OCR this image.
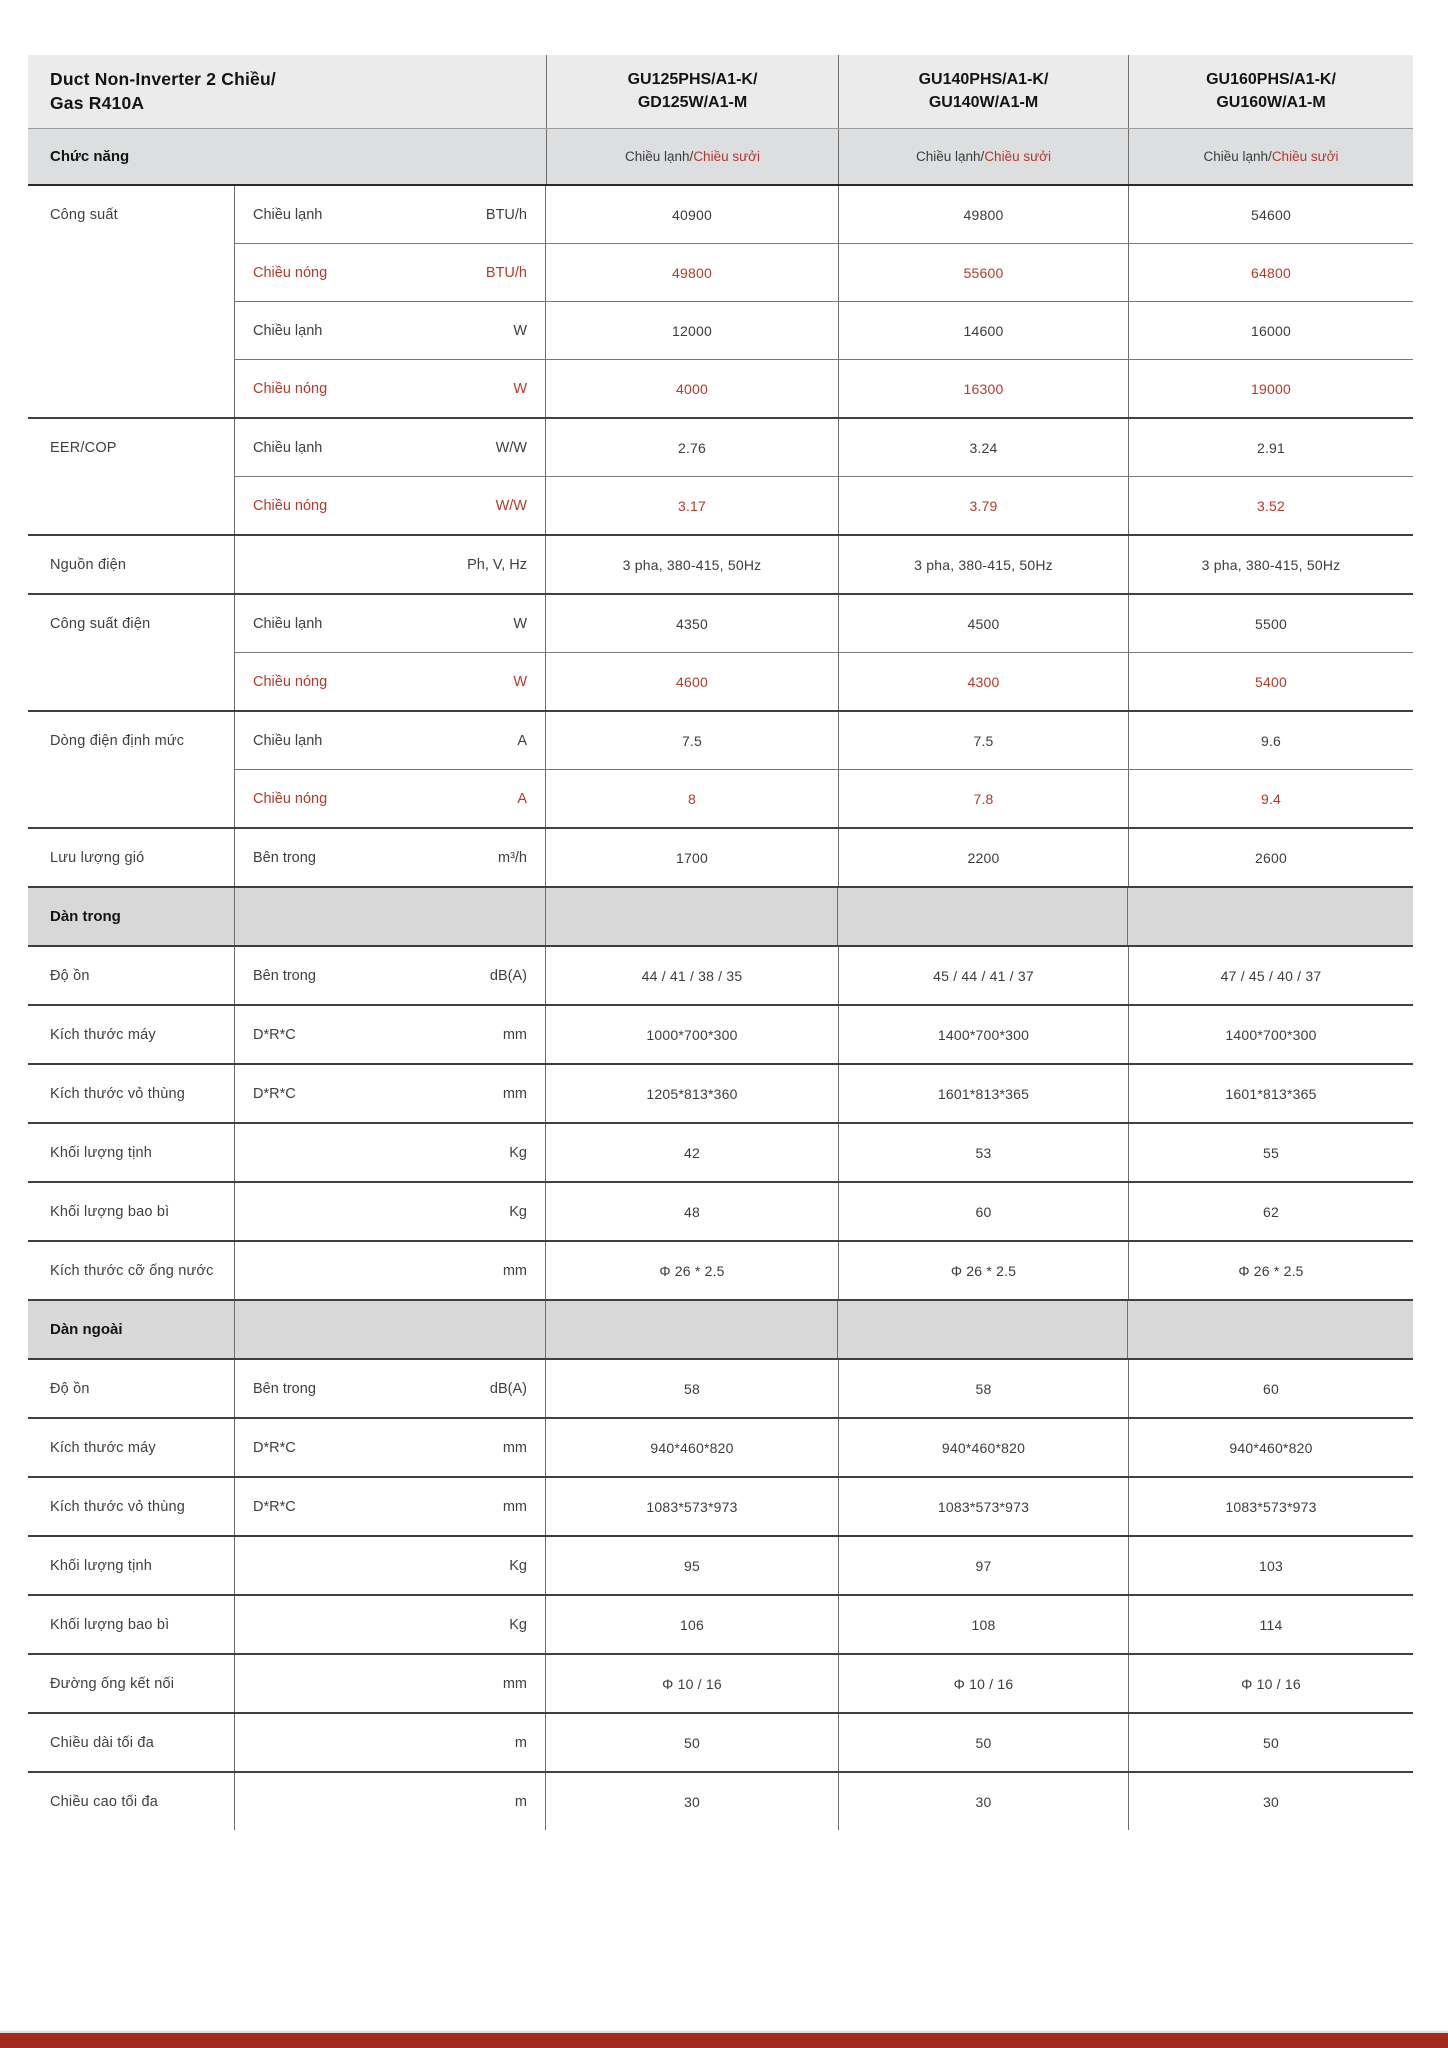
Duct Non-Inverter 2 Chiều/
Gas R410A
GU125PHS/A1-K/
GD125W/A1-M
GU140PHS/A1-K/
GU140W/A1-M
GU160PHS/A1-K/
GU160W/A1-M
Chức năng	Chiều lạnh / Chiều sưởi	Chiều lạnh / Chiều sưởi	Chiều lạnh / Chiều sưởi
Công suất	Chiều lạnh	BTU/h	40900	49800	54600
Chiều nóng	BTU/h	49800	55600	64800
Chiều lạnh	W	12000	14600	16000
Chiều nóng	W	4000	16300	19000
EER/COP	Chiều lạnh	W/W	2.76	3.24	2.91
Chiều nóng	W/W	3.17	3.79	3.52
Nguồn điện	Ph, V, Hz	3 pha, 380-415, 50Hz	3 pha, 380-415, 50Hz	3 pha, 380-415, 50Hz
Công suất điện	Chiều lạnh	W	4350	4500	5500
Chiều nóng	W	4600	4300	5400
Dòng điện định mức	Chiều lạnh	A	7.5	7.5	9.6
Chiều nóng	A	8	7.8	9.4
Lưu lượng gió	Bên trong	m³/h	1700	2200	2600
Dàn trong
Độ ồn	Bên trong	dB(A)	44 / 41 / 38 / 35	45 / 44 / 41 / 37	47 / 45 / 40 / 37
Kích thước máy	D*R*C	mm	1000*700*300	1400*700*300	1400*700*300
Kích thước vỏ thùng	D*R*C	mm	1205*813*360	1601*813*365	1601*813*365
Khối lượng tịnh	Kg	42	53	55
Khối lượng bao bì	Kg	48	60	62
Kích thước cỡ ống nước	mm	Φ 26 * 2.5	Φ 26 * 2.5	Φ 26 * 2.5
Dàn ngoài
Độ ồn	Bên trong	dB(A)	58	58	60
Kích thước máy	D*R*C	mm	940*460*820	940*460*820	940*460*820
Kích thước vỏ thùng	D*R*C	mm	1083*573*973	1083*573*973	1083*573*973
Khối lượng tịnh	Kg	95	97	103
Khối lượng bao bì	Kg	106	108	114
Đường ống kết nối	mm	Φ 10 / 16	Φ 10 / 16	Φ 10 / 16
Chiều dài tối đa	m	50	50	50
Chiều cao tối đa	m	30	30	30
